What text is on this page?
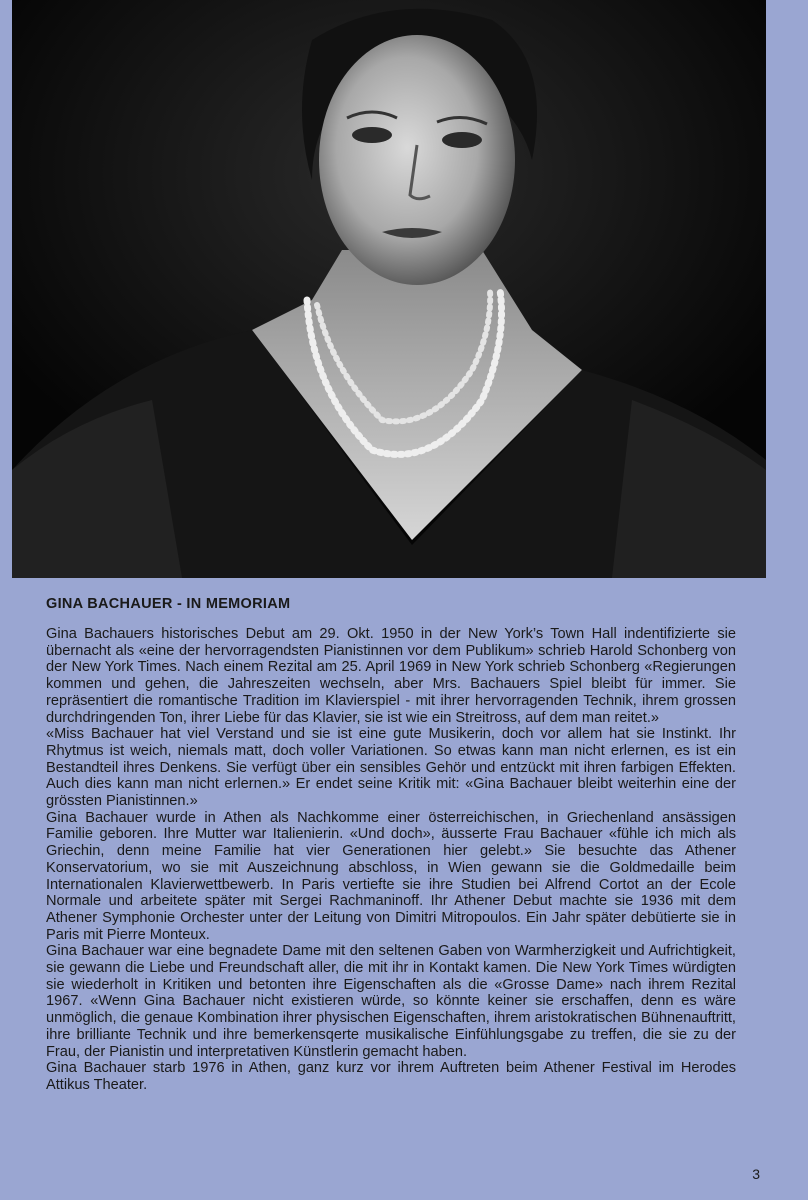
GINA BACHAUER - IN MEMORIAM

Gina Bachauers historisches Debut am 29. Okt. 1950 in der New York’s Town Hall indentifizierte sie übernacht als «eine der hervorragendsten Pianistinnen vor dem Publikum» schrieb Harold Schonberg von der New York Times. Nach einem Rezital am 25. April 1969 in New York schrieb Schonberg «Regierungen kommen und gehen, die Jahreszeiten wechseln, aber Mrs. Bachauers Spiel bleibt für immer. Sie repräsentiert die romantische Tradition im Klavierspiel - mit ihrer hervorragenden Technik, ihrem grossen durchdringenden Ton, ihrer Liebe für das Klavier, sie ist wie ein Streitross, auf dem man reitet.»

«Miss Bachauer hat viel Verstand und sie ist eine gute Musikerin, doch vor allem hat sie Instinkt. Ihr Rhytmus ist weich, niemals matt, doch voller Variationen. So etwas kann man nicht erlernen, es ist ein Bestandteil ihres Denkens. Sie verfügt über ein sensibles Gehör und entzückt mit ihren farbigen Effekten. Auch dies kann man nicht erlernen.» Er endet seine Kritik mit: «Gina Bachauer bleibt weiterhin eine der grössten Pianistinnen.»

Gina Bachauer wurde in Athen als Nachkomme einer österreichischen, in Griechenland ansässigen Familie geboren. Ihre Mutter war Italienierin. «Und doch», äusserte Frau Bachauer «fühle ich mich als Griechin, denn meine Familie hat vier Generationen hier gelebt.» Sie besuchte das Athener Konservatorium, wo sie mit Auszeichnung abschloss, in Wien gewann sie die Goldmedaille beim Internationalen Klavierwettbewerb. In Paris vertiefte sie ihre Studien bei Alfrend Cortot an der Ecole Normale und arbeitete später mit Sergei Rachmaninoff. Ihr Athener Debut machte sie 1936 mit dem Athener Symphonie Orchester unter der Leitung von Dimitri Mitropoulos. Ein Jahr später debütierte sie in Paris mit Pierre Monteux.

Gina Bachauer war eine begnadete Dame mit den seltenen Gaben von Warmherzigkeit und Aufrichtigkeit, sie gewann die Liebe und Freundschaft aller, die mit ihr in Kontakt kamen. Die New York Times würdigten sie wiederholt in Kritiken und betonten ihre Eigenschaften als die «Grosse Dame» nach ihrem Rezital 1967. «Wenn Gina Bachauer nicht existieren würde, so könnte keiner sie erschaffen, denn es wäre unmöglich, die genaue Kombination ihrer physischen Eigenschaften, ihrem aristokratischen Bühnenauftritt, ihre brilliante Technik und ihre bemerkensqerte musikalische Einfühlungsgabe zu treffen, die sie zu der Frau, der Pianistin und interpretativen Künstlerin gemacht haben.

Gina Bachauer starb 1976 in Athen, ganz kurz vor ihrem Auftreten beim Athener Festival im Herodes Attikus Theater.

3
